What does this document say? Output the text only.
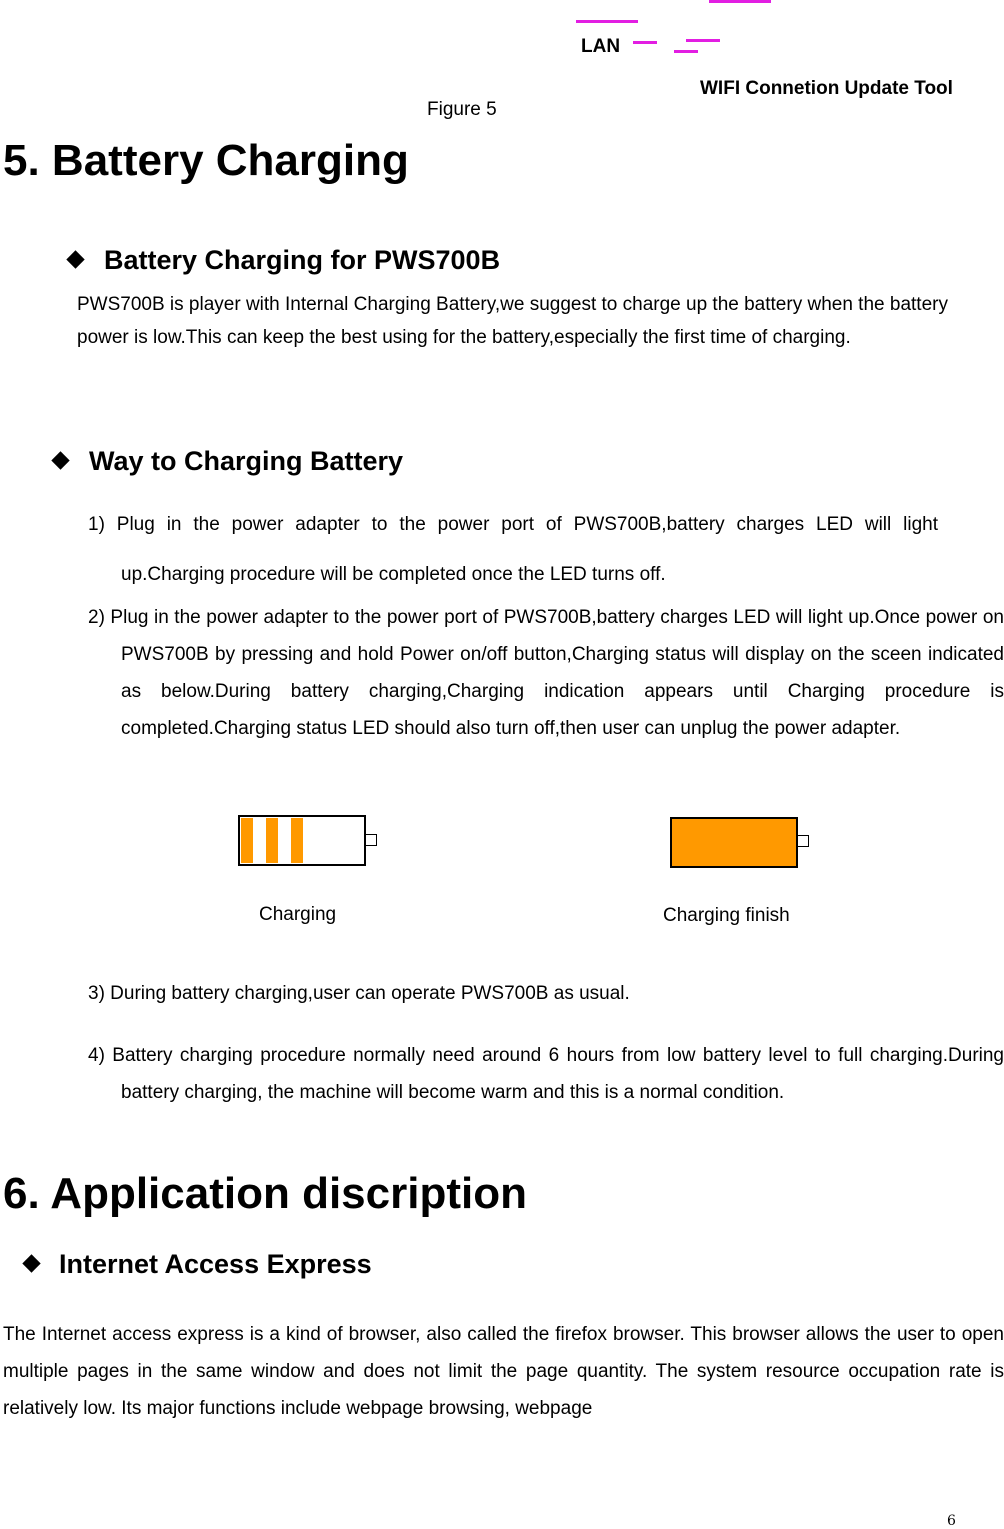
LAN
WIFI Connetion Update Tool
Figure 5
5. Battery Charging
Battery Charging for PWS700B
PWS700B is player with Internal Charging Battery,we suggest to charge up the battery when the battery power is low.This can keep the best using for the battery,especially the first time of charging.
Way to Charging Battery
1) Plug in the power adapter to the power port of PWS700B,battery charges LED will light up.Charging procedure will be completed once the LED turns off.
2) Plug in the power adapter to the power port of PWS700B,battery charges LED will light up.Once power on PWS700B by pressing and hold Power on/off button,Charging status will display on the sceen indicated as below.During battery charging,Charging indication appears until Charging procedure is completed.Charging status LED should also turn off,then user can unplug the power adapter.
Charging	Charging finish
3) During battery charging,user can operate PWS700B as usual.
4) Battery charging procedure normally need around 6 hours from low battery level to full charging.During battery charging, the machine will become warm and this is a normal condition.
6. Application discription
Internet Access Express
The Internet access express is a kind of browser, also called the firefox browser. This browser allows the user to open multiple pages in the same window and does not limit the page quantity. The system resource occupation rate is relatively low. Its major functions include webpage browsing, webpage
6
